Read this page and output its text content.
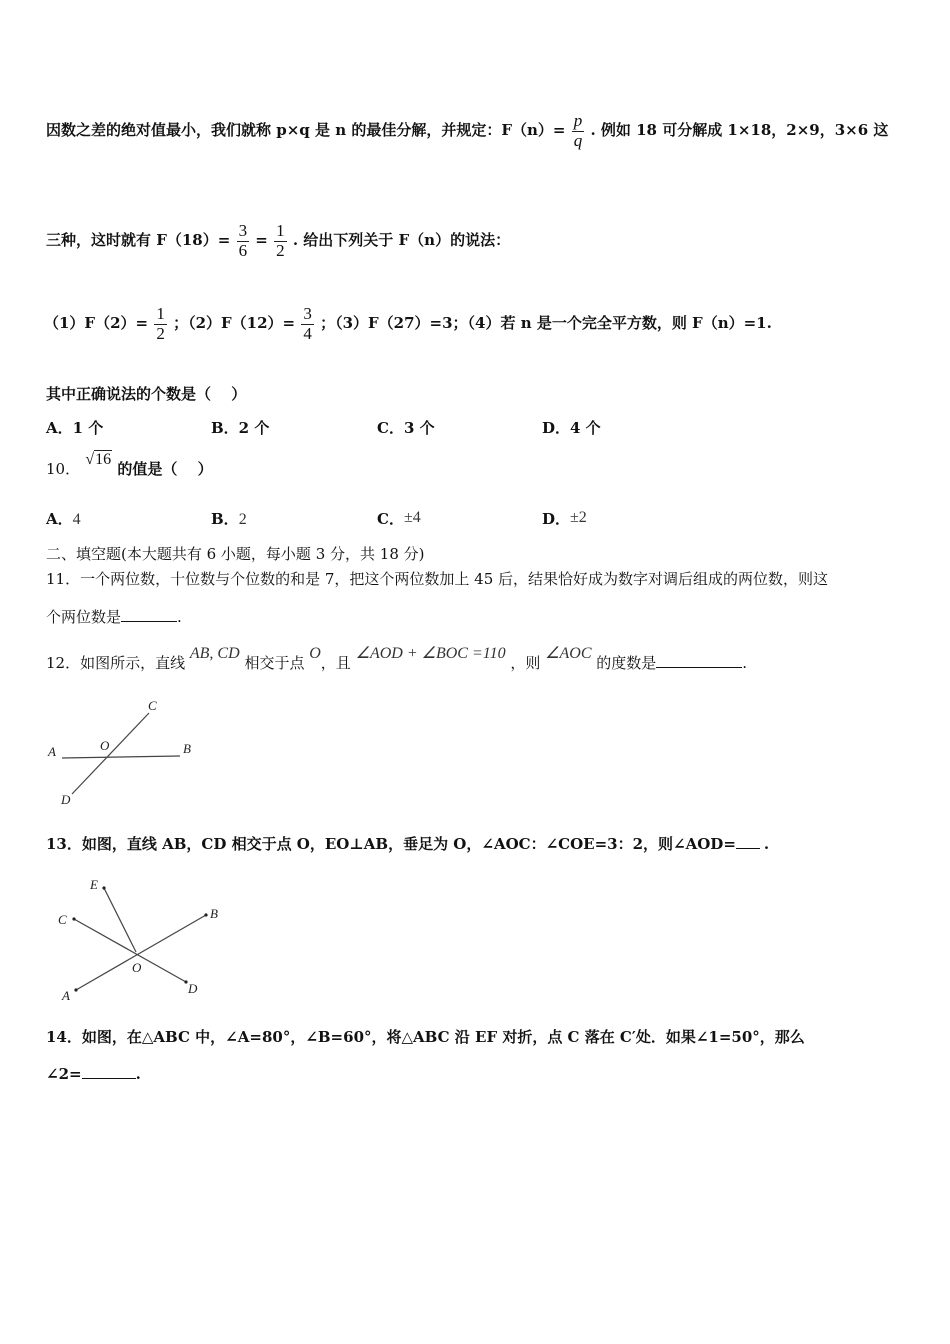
因数之差的绝对值最小，我们就称 p×q 是 n 的最佳分解，并规定：$F(n)= \frac{p}{q}$ . 例如 18 可分解成 1×18，2×9，3×6 这
三种，这时就有 $F(18)= \frac{3}{6} = \frac{1}{2}$ . 给出下列关于 F（n）的说法：
$(1)F(2)= \frac{1}{2}$ ；$(2)F(12)= \frac{3}{4}$ ；（3）F（27）=3；（4）若 n 是一个完全平方数，则 F（n）=1.
其中正确说法的个数是（　 ）
A．1 个	B．2 个	C．3 个	D．4 个
10． √16 的值是（　 ）
A．4	B．2	C．±4	D．±2
二、填空题(本大题共有 6 小题，每小题 3 分，共 18 分)
11．一个两位数，十位数与个位数的和是 7，把这个两位数加上 45 后，结果恰好成为数字对调后组成的两位数，则这
个两位数是	.
12．如图所示，直线 AB, CD 相交于点 O，且 ∠AOD + ∠BOC =110 ，则 ∠AOC 的度数是	.
A	O	B
C
D
13．如图，直线 AB，CD 相交于点 O，EO⊥AB，垂足为 O，∠AOC：∠COE=3：2，则∠AOD= .
E
C	B
O
A	D
14．如图，在△ABC 中，∠A=80°，∠B=60°，将△ABC 沿 EF 对折，点 C 落在 C′处．如果∠1=50°，那么
∠2=	.
